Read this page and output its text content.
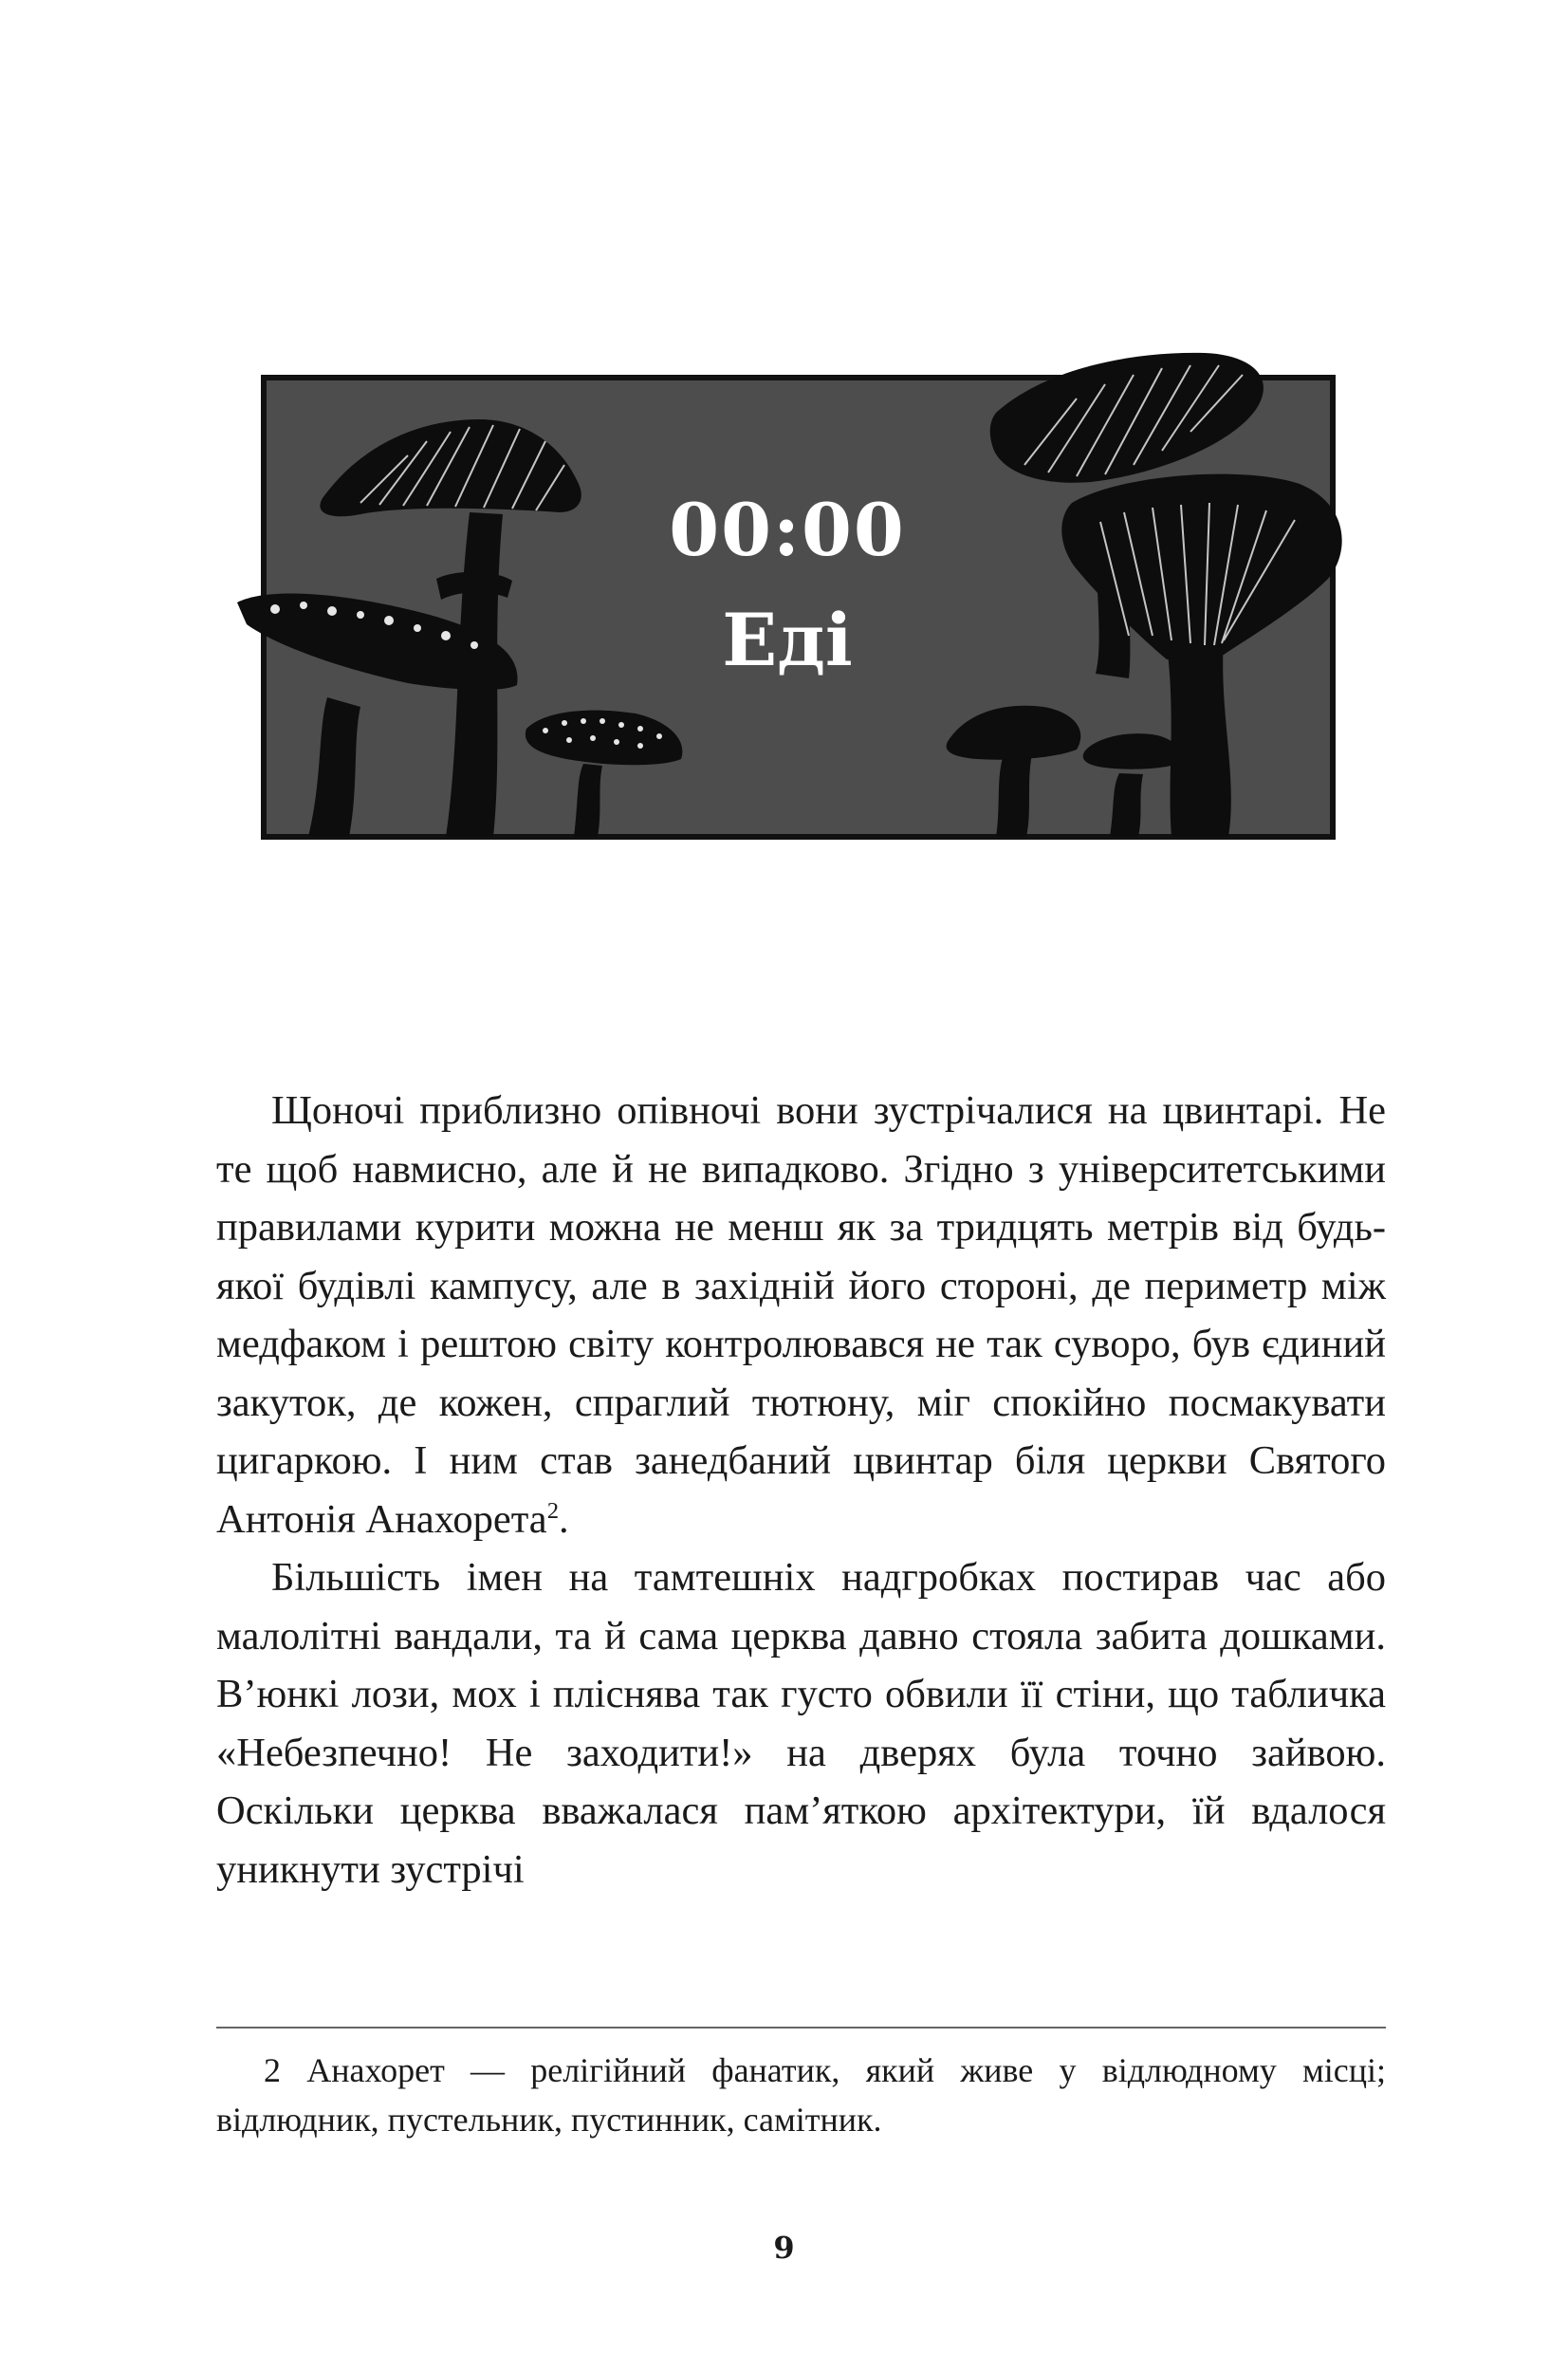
00:00
Еді

Щоночі приблизно опівночі вони зустрічалися на цвинтарі. Не те щоб навмисно, але й не випадково. Згідно з університетськими правилами курити можна не менш як за тридцять метрів від будь-якої будівлі кампусу, але в західній його стороні, де периметр між медфаком і рештою світу контролювався не так суворо, був єдиний закуток, де кожен, спраглий тютюну, міг спокійно посмакувати цигаркою. І ним став занедбаний цвинтар біля церкви Святого Антонія Анахорета$^2$.

Більшість імен на тамтешніх надгробках постирав час або малолітні вандали, та й сама церква давно стояла забита дошками. В’юнкі лози, мох і пліснява так густо обвили її стіни, що табличка «Небезпечно! Не заходити!» на дверях була точно зайвою. Оскільки церква вважалася пам’яткою архітектури, їй вдалося уникнути зустрічі

2 Анахорет — релігійний фанатик, який живе у відлюдному місці; відлюдник, пустельник, пустинник, самітник.

9
